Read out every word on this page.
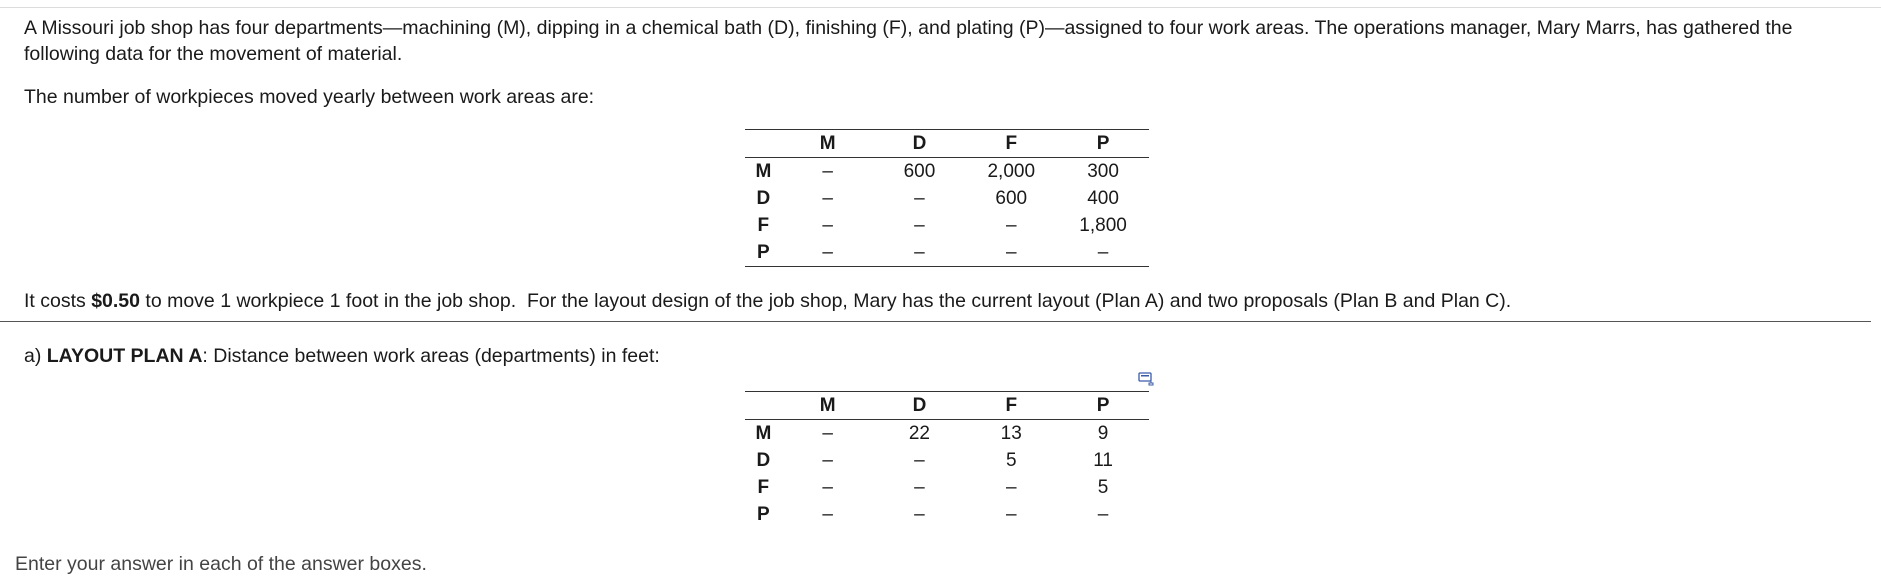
A Missouri job shop has four departments—machining (M), dipping in a chemical bath (D), finishing (F), and plating (P)—assigned to four work areas. The operations manager, Mary Marrs, has gathered the following data for the movement of material.

The number of workpieces moved yearly between work areas are:

	M	D	F	P
M	–	600	2,000	300
D	–	–	600	400
F	–	–	–	1,800
P	–	–	–	–

It costs $0.50 to move 1 workpiece 1 foot in the job shop.  For the layout design of the job shop, Mary has the current layout (Plan A) and two proposals (Plan B and Plan C).

a) LAYOUT PLAN A: Distance between work areas (departments) in feet:

	M	D	F	P
M	–	22	13	9
D	–	–	5	11
F	–	–	–	5
P	–	–	–	–
Enter your answer in each of the answer boxes.
